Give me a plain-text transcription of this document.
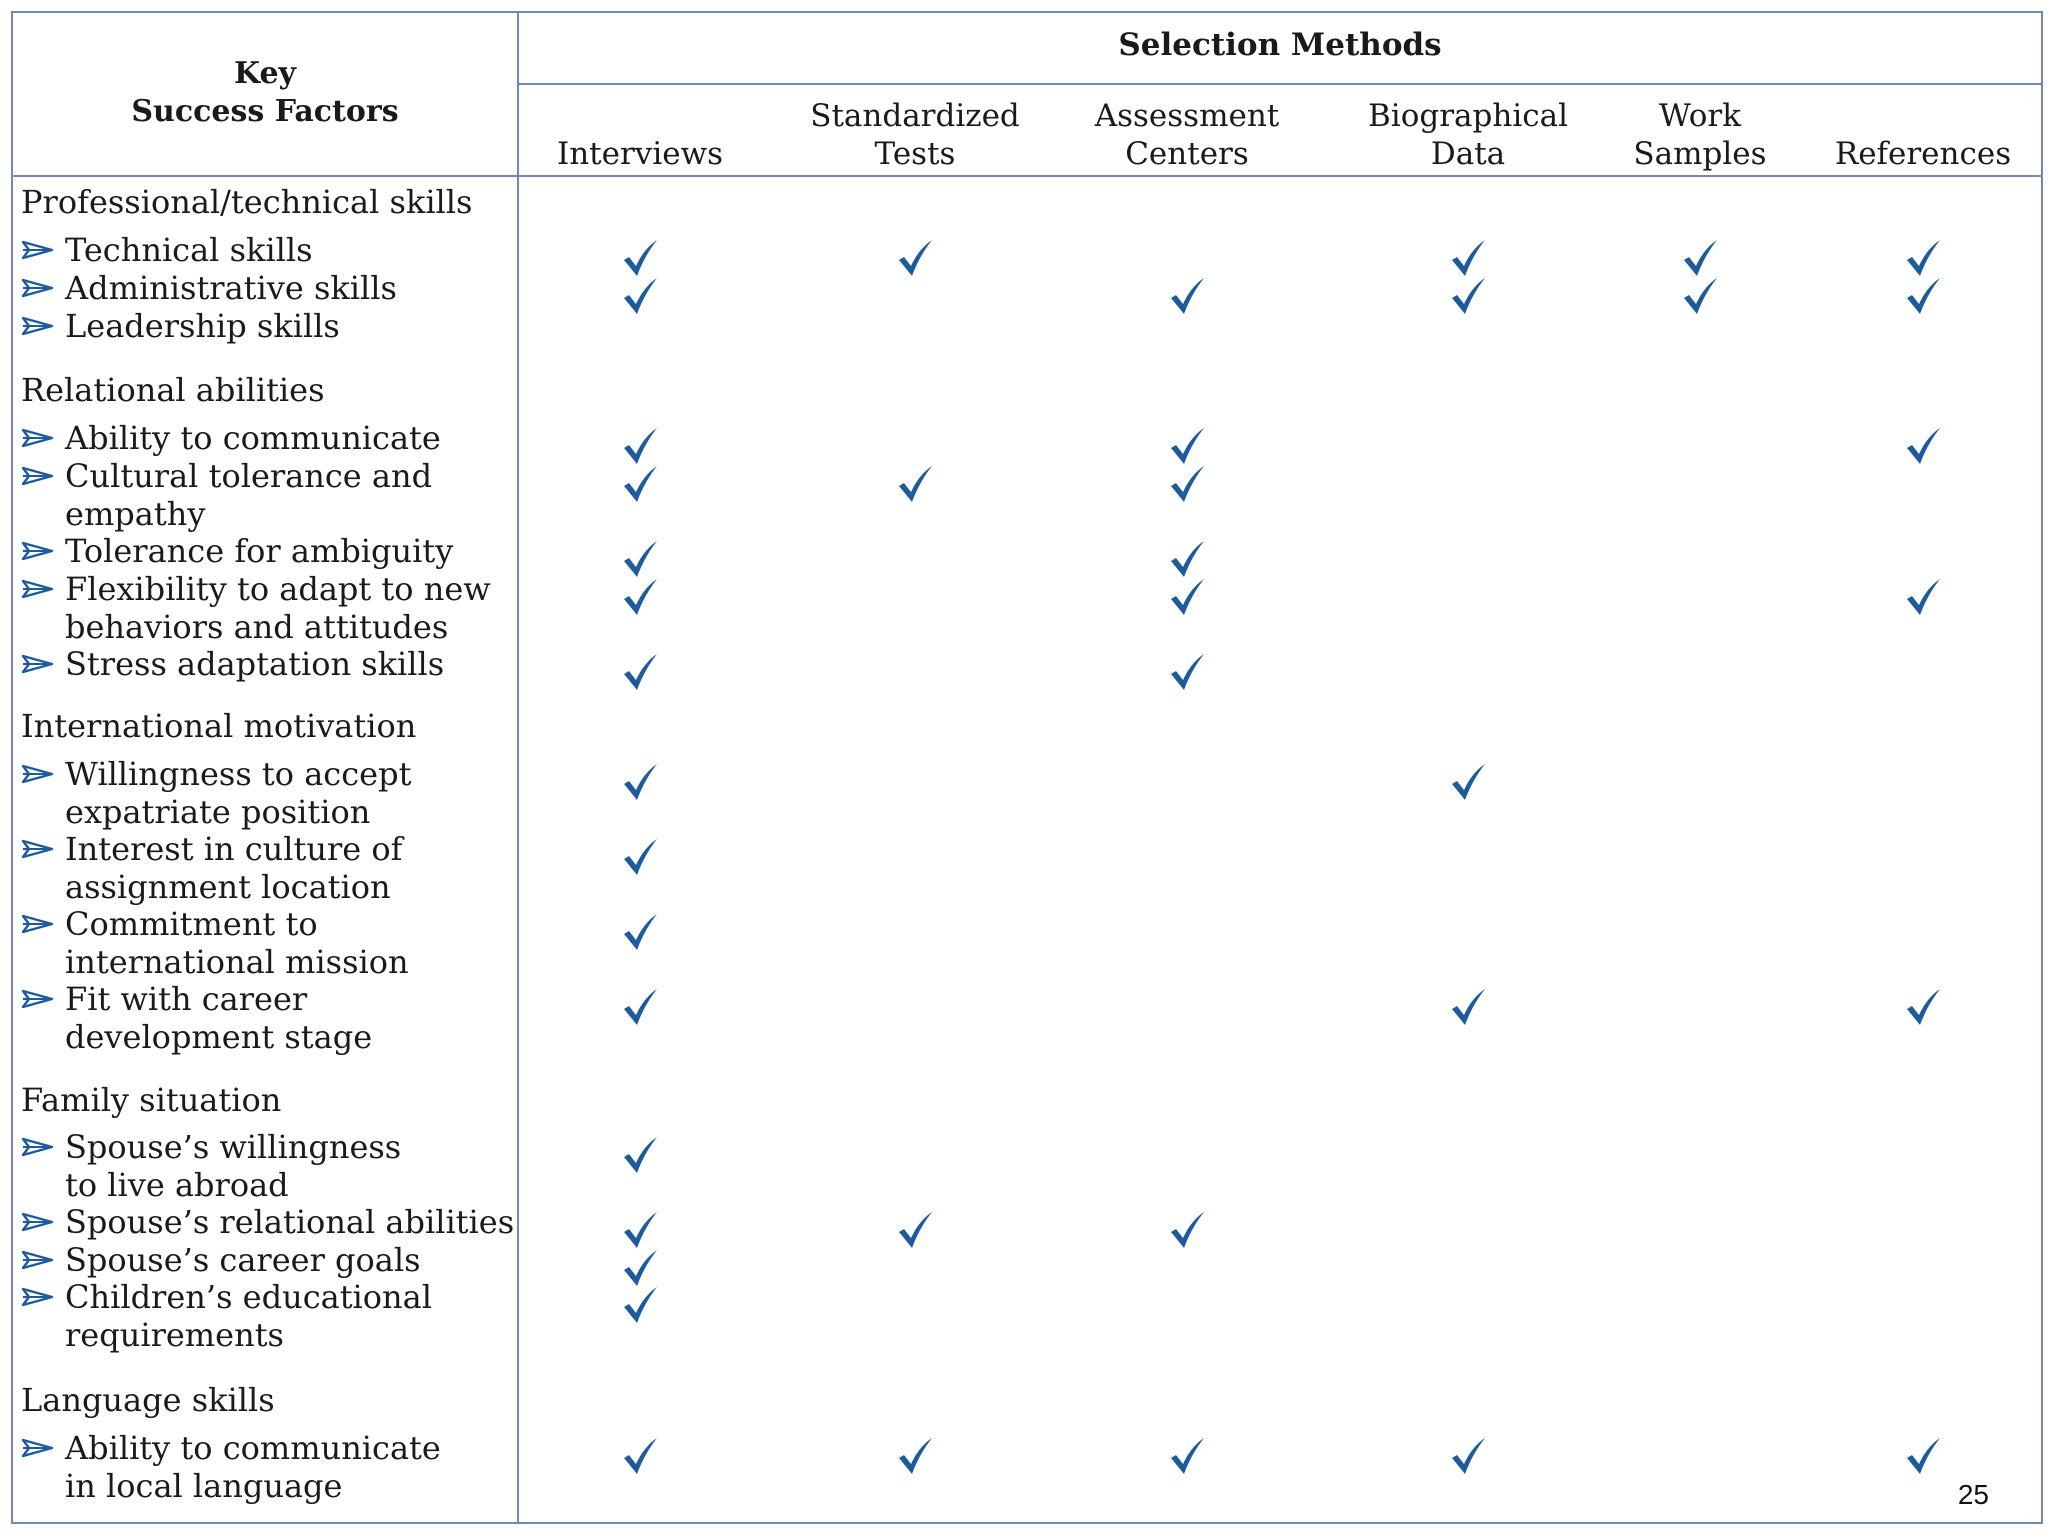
Key
Success Factors
Selection Methods
Interviews
Standardized
Tests
Assessment
Centers
Biographical
Data
Work
Samples	References
Professional/technical skills
Technical skills
Administrative skills
Leadership skills
Relational abilities
Ability to communicate
Cultural tolerance and
empathy
Tolerance for ambiguity
Flexibility to adapt to new
behaviors and attitudes
Stress adaptation skills
International motivation
Willingness to accept
expatriate position
Interest in culture of
assignment location
Commitment to
international mission
Fit with career
development stage
Family situation
Spouse’s willingness
to live abroad
Spouse’s relational abilities
Spouse’s career goals
Children’s educational
requirements
Language skills
Ability to communicate
in local language	25
